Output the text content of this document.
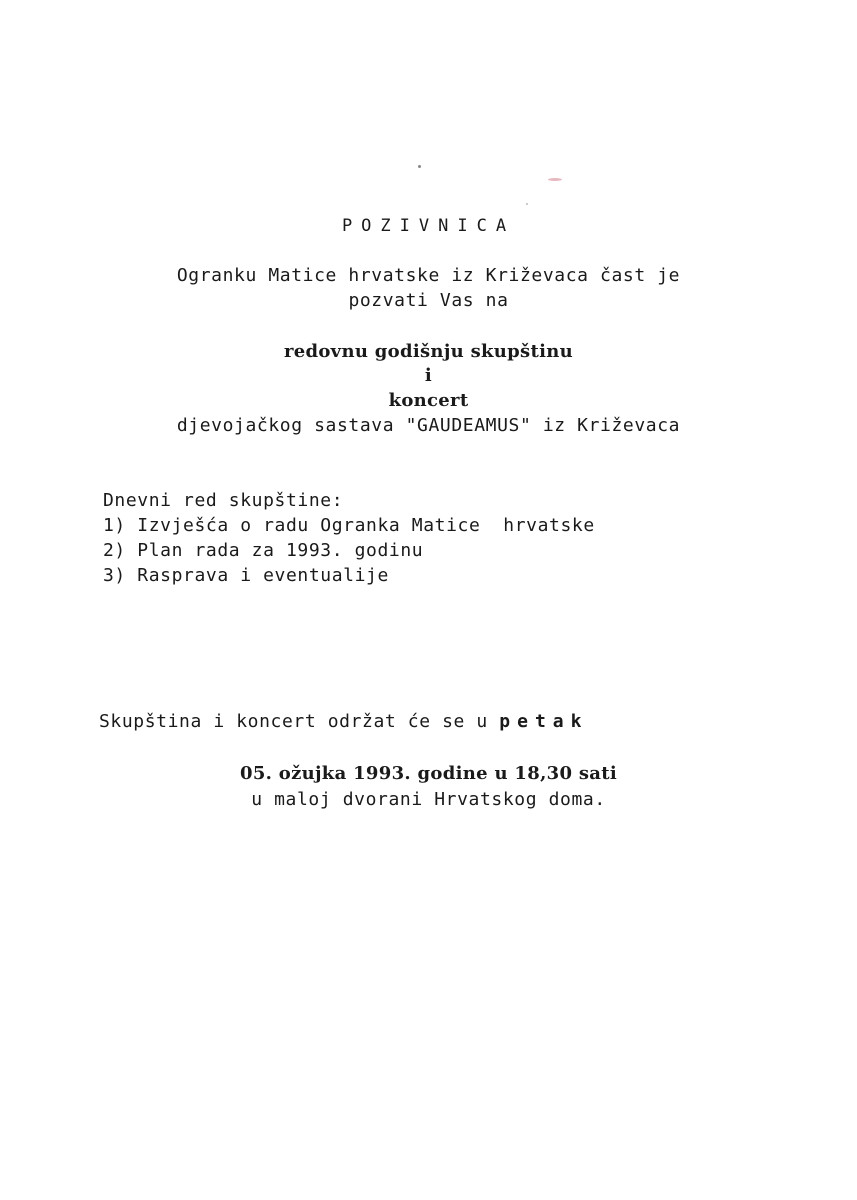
POZIVNICA
Ogranku Matice hrvatske iz Križevaca čast je
pozvati Vas na
redovnu godišnju skupštinu
i
koncert
djevojačkog sastava "GAUDEAMUS" iz Križevaca
Dnevni red skupštine:
1) Izvješća o radu Ogranka Matice  hrvatske
2) Plan rada za 1993. godinu
3) Rasprava i eventualije
Skupština i koncert održat će se u petak
05. ožujka 1993. godine u 18,30 sati
u maloj dvorani Hrvatskog doma.
